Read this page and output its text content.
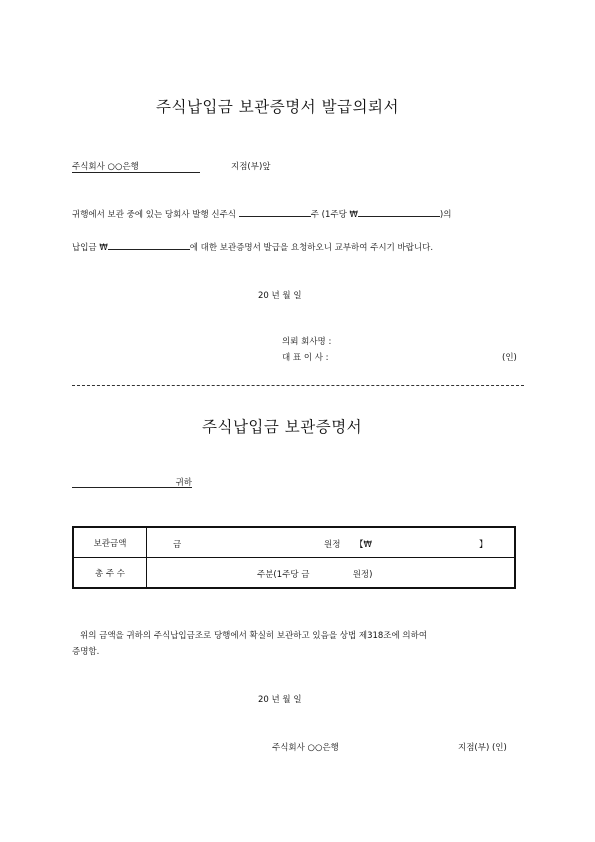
주식납입금 보관증명서 발급의뢰서
주식회사 ○○은행	지점(부)앞
귀행에서 보관 중에 있는 당회사 발행 신주식	주 (1주당 ₩	)의
납입금 ₩	에 대한 보관증명서 발급을 요청하오니 교부하여 주시기 바랍니다.
20 년 월 일
의뢰 회사명 :
대 표 이 사 :	(인)
주식납입금 보관증명서
귀하
보관금액	금 원정 【₩ 】

총 주 수	주분(1주당 금                원정)
위의 금액을 귀하의 주식납입금조로 당행에서 확실히 보관하고 있음을 상법 제318조에 의하여
증명함.
20 년 월 일
주식회사 ○○은행	지점(부) (인)
